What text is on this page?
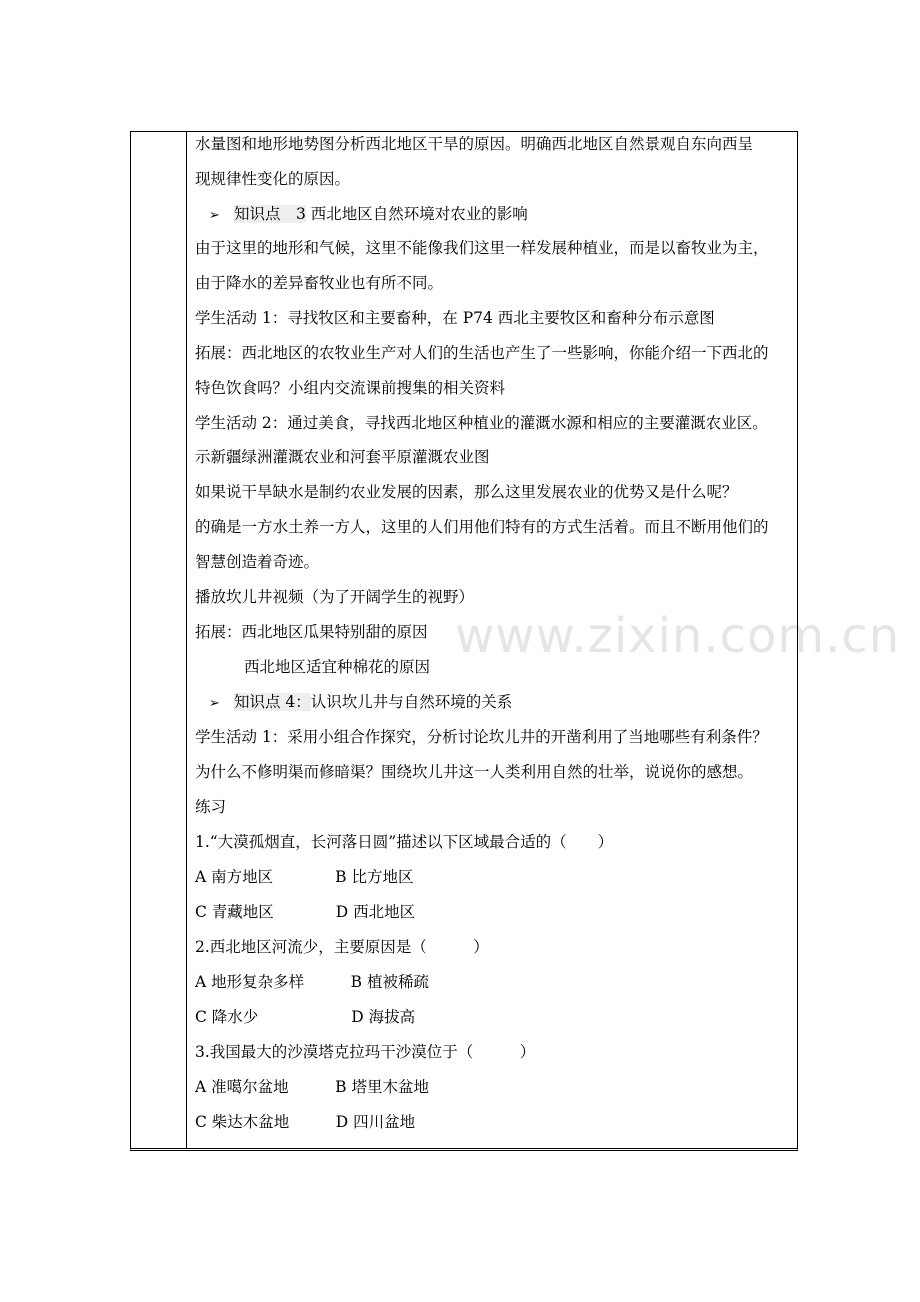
水量图和地形地势图分析西北地区干旱的原因。明确西北地区自然景观自东向西呈
现规律性变化的原因。
➢ 知识点　3 西北地区自然环境对农业的影响
由于这里的地形和气候，这里不能像我们这里一样发展种植业，而是以畜牧业为主，
由于降水的差异畜牧业也有所不同。
学生活动 1：寻找牧区和主要畜种，在 P74 西北主要牧区和畜种分布示意图
拓展：西北地区的农牧业生产对人们的生活也产生了一些影响，你能介绍一下西北的
特色饮食吗？小组内交流课前搜集的相关资料
学生活动 2：通过美食，寻找西北地区种植业的灌溉水源和相应的主要灌溉农业区。
示新疆绿洲灌溉农业和河套平原灌溉农业图
如果说干旱缺水是制约农业发展的因素，那么这里发展农业的优势又是什么呢？
的确是一方水土养一方人，这里的人们用他们特有的方式生活着。而且不断用他们的
智慧创造着奇迹。
播放坎儿井视频（为了开阔学生的视野）
拓展：西北地区瓜果特别甜的原因
西北地区适宜种棉花的原因
➢ 知识点 4：认识坎儿井与自然环境的关系
学生活动 1：采用小组合作探究，分析讨论坎儿井的开凿利用了当地哪些有利条件？
为什么不修明渠而修暗渠？围绕坎儿井这一人类利用自然的壮举，说说你的感想。
练习
1.“大漠孤烟直，长河落日圆”描述以下区域最合适的（　　）
A 南方地区　　　　B 比方地区
C 青藏地区　　　　D 西北地区
2.西北地区河流少，主要原因是（　　　）
A 地形复杂多样　　　B 植被稀疏
C 降水少　　　　　　D 海拔高
3.我国最大的沙漠塔克拉玛干沙漠位于（　　　）
A 准噶尔盆地　　　B 塔里木盆地
C 柴达木盆地　　　D 四川盆地
www.zixin.com.cn
